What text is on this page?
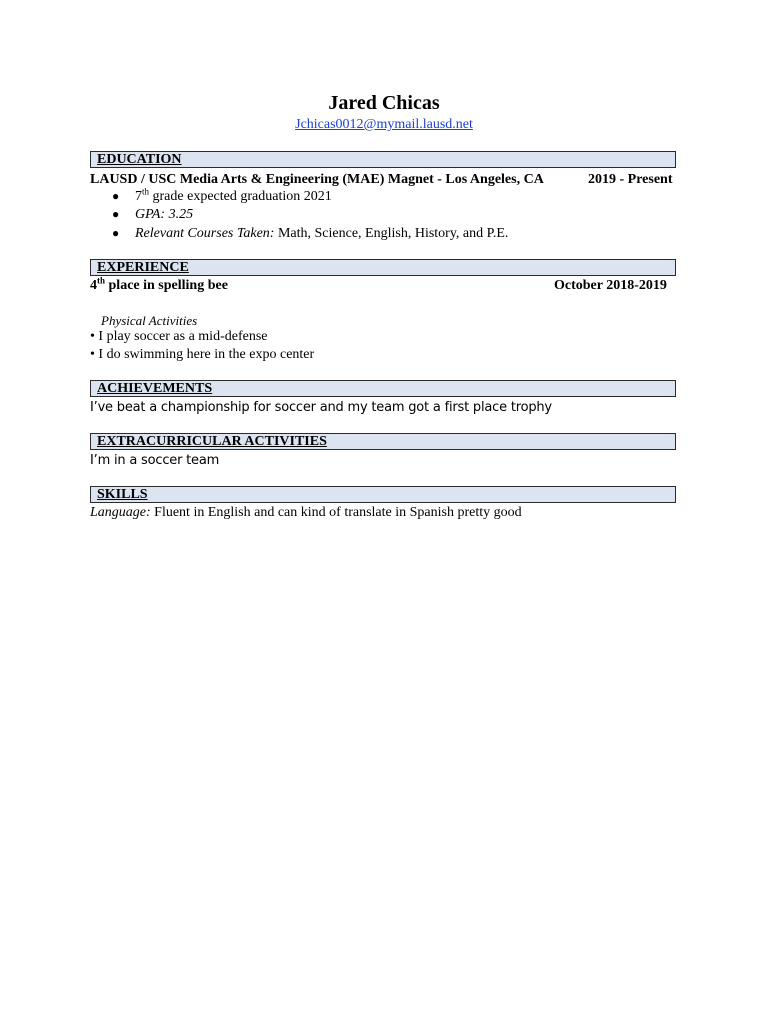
Jared Chicas
Jchicas0012@mymail.lausd.net
EDUCATION
LAUSD / USC Media Arts & Engineering (MAE) Magnet - Los Angeles, CA	2019 - Present
● 7th grade expected graduation 2021
● GPA: 3.25
● Relevant Courses Taken: Math, Science, English, History, and P.E.
EXPERIENCE
4th place in spelling bee	October 2018-2019
Physical Activities
• I play soccer as a mid-defense
• I do swimming here in the expo center
ACHIEVEMENTS
I’ve beat a championship for soccer and my team got a first place trophy
EXTRACURRICULAR ACTIVITIES
I’m in a soccer team
SKILLS
Language: Fluent in English and can kind of translate in Spanish pretty good
